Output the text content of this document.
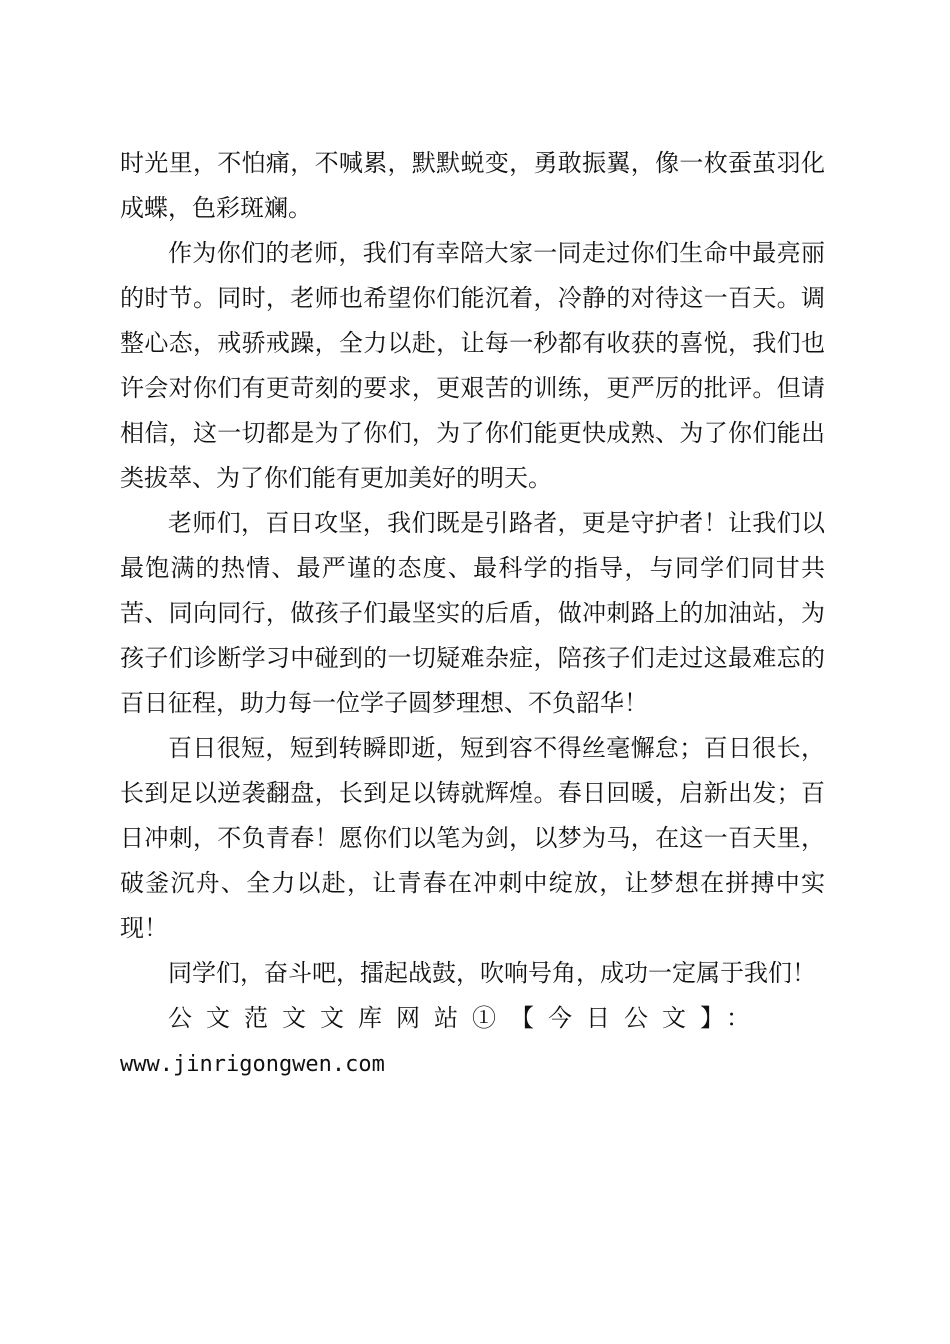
时光里，不怕痛，不喊累，默默蜕变，勇敢振翼，像一枚蚕茧羽化成蝶，色彩斑斓。

作为你们的老师，我们有幸陪大家一同走过你们生命中最亮丽的时节。同时，老师也希望你们能沉着，冷静的对待这一百天。调整心态，戒骄戒躁，全力以赴，让每一秒都有收获的喜悦，我们也许会对你们有更苛刻的要求，更艰苦的训练，更严厉的批评。但请相信，这一切都是为了你们，为了你们能更快成熟、为了你们能出类拔萃、为了你们能有更加美好的明天。

老师们，百日攻坚，我们既是引路者，更是守护者！让我们以最饱满的热情、最严谨的态度、最科学的指导，与同学们同甘共苦、同向同行，做孩子们最坚实的后盾，做冲刺路上的加油站，为孩子们诊断学习中碰到的一切疑难杂症，陪孩子们走过这最难忘的百日征程，助力每一位学子圆梦理想、不负韶华！

百日很短，短到转瞬即逝，短到容不得丝毫懈怠；百日很长，长到足以逆袭翻盘，长到足以铸就辉煌。春日回暖，启新出发；百日冲刺，不负青春！愿你们以笔为剑，以梦为马，在这一百天里，破釜沉舟、全力以赴，让青春在冲刺中绽放，让梦想在拼搏中实现！

同学们，奋斗吧，擂起战鼓，吹响号角，成功一定属于我们！

公文范文文库网站①【今日公文】：
www.jinrigongwen.com
